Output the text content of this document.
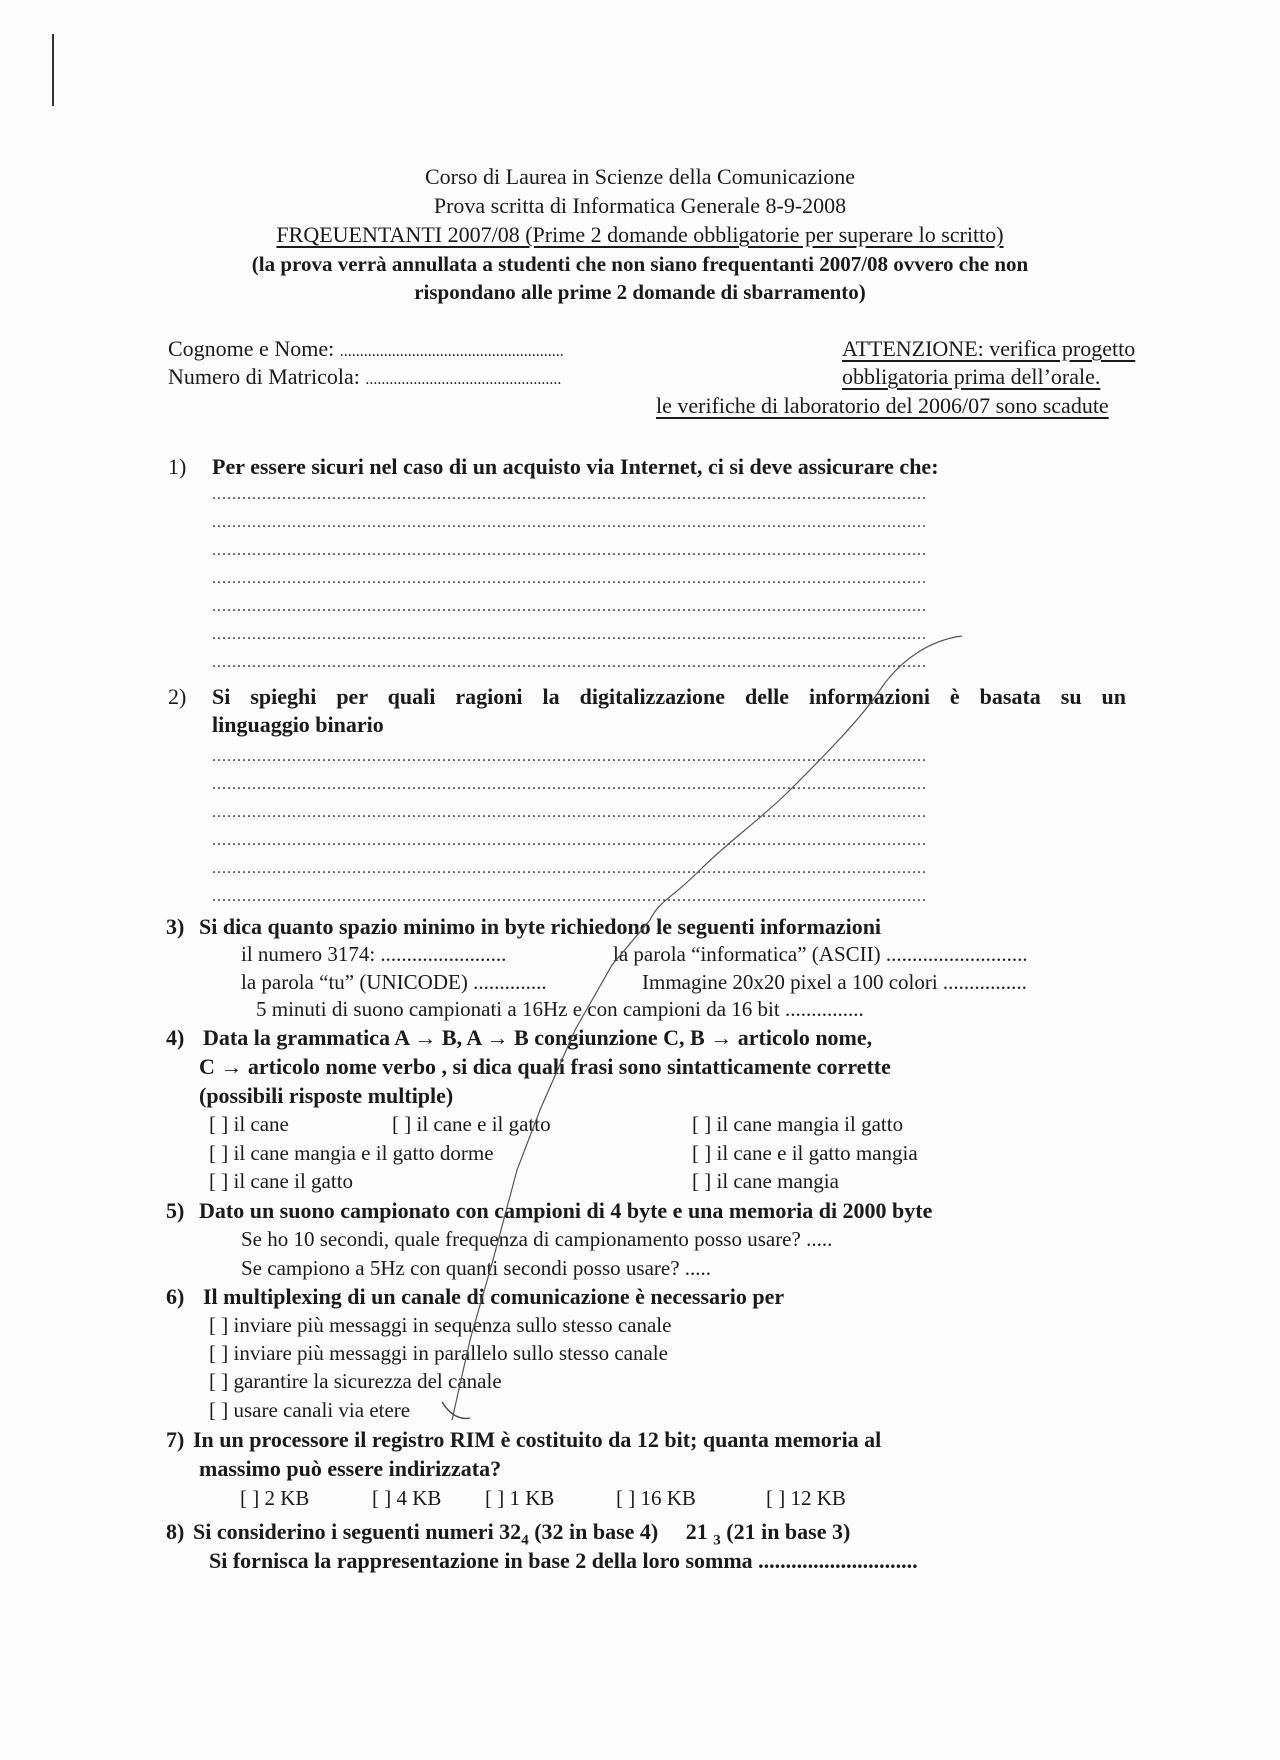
Corso di Laurea in Scienze della Comunicazione
Prova scritta di Informatica Generale 8-9-2008
FRQEUENTANTI 2007/08 (Prime 2 domande obbligatorie per superare lo scritto)
(la prova verrà annullata a studenti che non siano frequentanti 2007/08 ovvero che non
rispondano alle prime 2 domande di sbarramento)
Cognome e Nome: ........................................................
Numero di Matricola: .................................................
ATTENZIONE: verifica progetto
obbligatoria prima dell’orale.
le verifiche di laboratorio del 2006/07 sono scadute
1) Per essere sicuri nel caso di un acquisto via Internet, ci si deve assicurare che:
...............................................................................................................................................
...............................................................................................................................................
...............................................................................................................................................
...............................................................................................................................................
...............................................................................................................................................
...............................................................................................................................................
...............................................................................................................................................
2) Si spieghi per quali ragioni la digitalizzazione delle informazioni è basata su un
linguaggio binario
...............................................................................................................................................
...............................................................................................................................................
...............................................................................................................................................
...............................................................................................................................................
...............................................................................................................................................
...............................................................................................................................................
3) Si dica quanto spazio minimo in byte richiedono le seguenti informazioni
il numero 3174: ........................	la parola “informatica” (ASCII) ...........................
la parola “tu” (UNICODE) ..............	Immagine 20x20 pixel a 100 colori ................
5 minuti di suono campionati a 16Hz e con campioni da 16 bit ...............
4) Data la grammatica A → B, A → B congiunzione C, B → articolo nome,
C → articolo nome verbo , si dica quali frasi sono sintatticamente corrette
(possibili risposte multiple)
[ ] il cane	[ ] il cane e il gatto	[ ] il cane mangia il gatto
[ ] il cane mangia e il gatto dorme	[ ] il cane e il gatto mangia
[ ] il cane il gatto	[ ] il cane mangia
5) Dato un suono campionato con campioni di 4 byte e una memoria di 2000 byte
Se ho 10 secondi, quale frequenza di campionamento posso usare? .....
Se campiono a 5Hz con quanti secondi posso usare? .....
6) Il multiplexing di un canale di comunicazione è necessario per
[ ] inviare più messaggi in sequenza sullo stesso canale
[ ] inviare più messaggi in parallelo sullo stesso canale
[ ] garantire la sicurezza del canale
[ ] usare canali via etere
7) In un processore il registro RIM è costituito da 12 bit; quanta memoria al
massimo può essere indirizzata?
[ ] 2 KB	[ ] 4 KB [ ] 1 KB	[ ] 16 KB	[ ] 12 KB
8) Si considerino i seguenti numeri $32_4$ (32 in base 4)     21 $_3$ (21 in base 3)
Si fornisca la rappresentazione in base 2 della loro somma .............................
